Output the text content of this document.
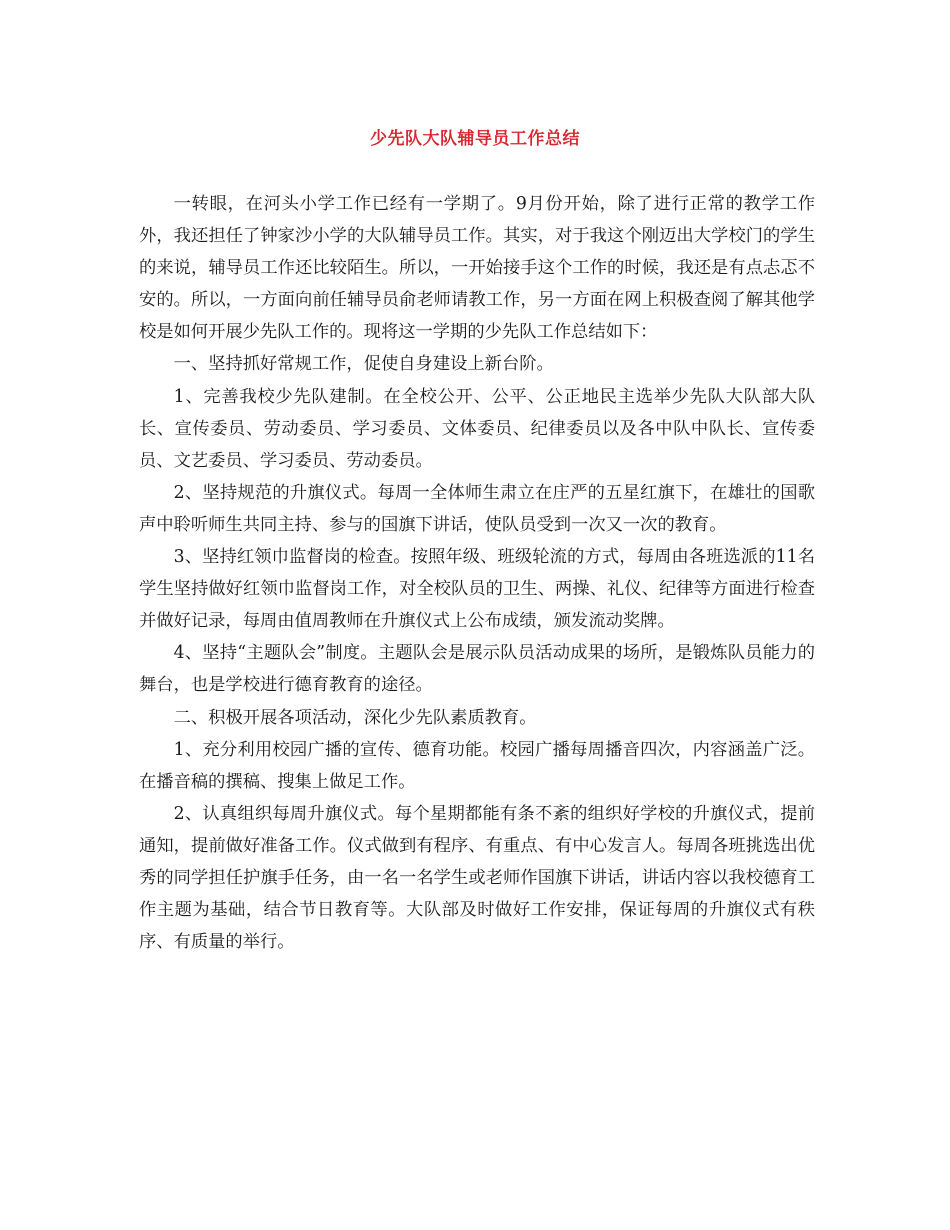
少先队大队辅导员工作总结

一转眼，在河头小学工作已经有一学期了。9月份开始，除了进行正常的教学工作外，我还担任了钟家沙小学的大队辅导员工作。其实，对于我这个刚迈出大学校门的学生的来说，辅导员工作还比较陌生。所以，一开始接手这个工作的时候，我还是有点忐忑不安的。所以，一方面向前任辅导员俞老师请教工作，另一方面在网上积极查阅了解其他学校是如何开展少先队工作的。现将这一学期的少先队工作总结如下：

一、坚持抓好常规工作，促使自身建设上新台阶。

1、完善我校少先队建制。在全校公开、公平、公正地民主选举少先队大队部大队长、宣传委员、劳动委员、学习委员、文体委员、纪律委员以及各中队中队长、宣传委员、文艺委员、学习委员、劳动委员。

2、坚持规范的升旗仪式。每周一全体师生肃立在庄严的五星红旗下，在雄壮的国歌声中聆听师生共同主持、参与的国旗下讲话，使队员受到一次又一次的教育。

3、坚持红领巾监督岗的检查。按照年级、班级轮流的方式，每周由各班选派的11名学生坚持做好红领巾监督岗工作，对全校队员的卫生、两操、礼仪、纪律等方面进行检查并做好记录，每周由值周教师在升旗仪式上公布成绩，颁发流动奖牌。

4、坚持“主题队会”制度。主题队会是展示队员活动成果的场所，是锻炼队员能力的舞台，也是学校进行德育教育的途径。

二、积极开展各项活动，深化少先队素质教育。

1、充分利用校园广播的宣传、德育功能。校园广播每周播音四次，内容涵盖广泛。在播音稿的撰稿、搜集上做足工作。

2、认真组织每周升旗仪式。每个星期都能有条不紊的组织好学校的升旗仪式，提前通知，提前做好准备工作。仪式做到有程序、有重点、有中心发言人。每周各班挑选出优秀的同学担任护旗手任务，由一名一名学生或老师作国旗下讲话，讲话内容以我校德育工作主题为基础，结合节日教育等。大队部及时做好工作安排，保证每周的升旗仪式有秩序、有质量的举行。
